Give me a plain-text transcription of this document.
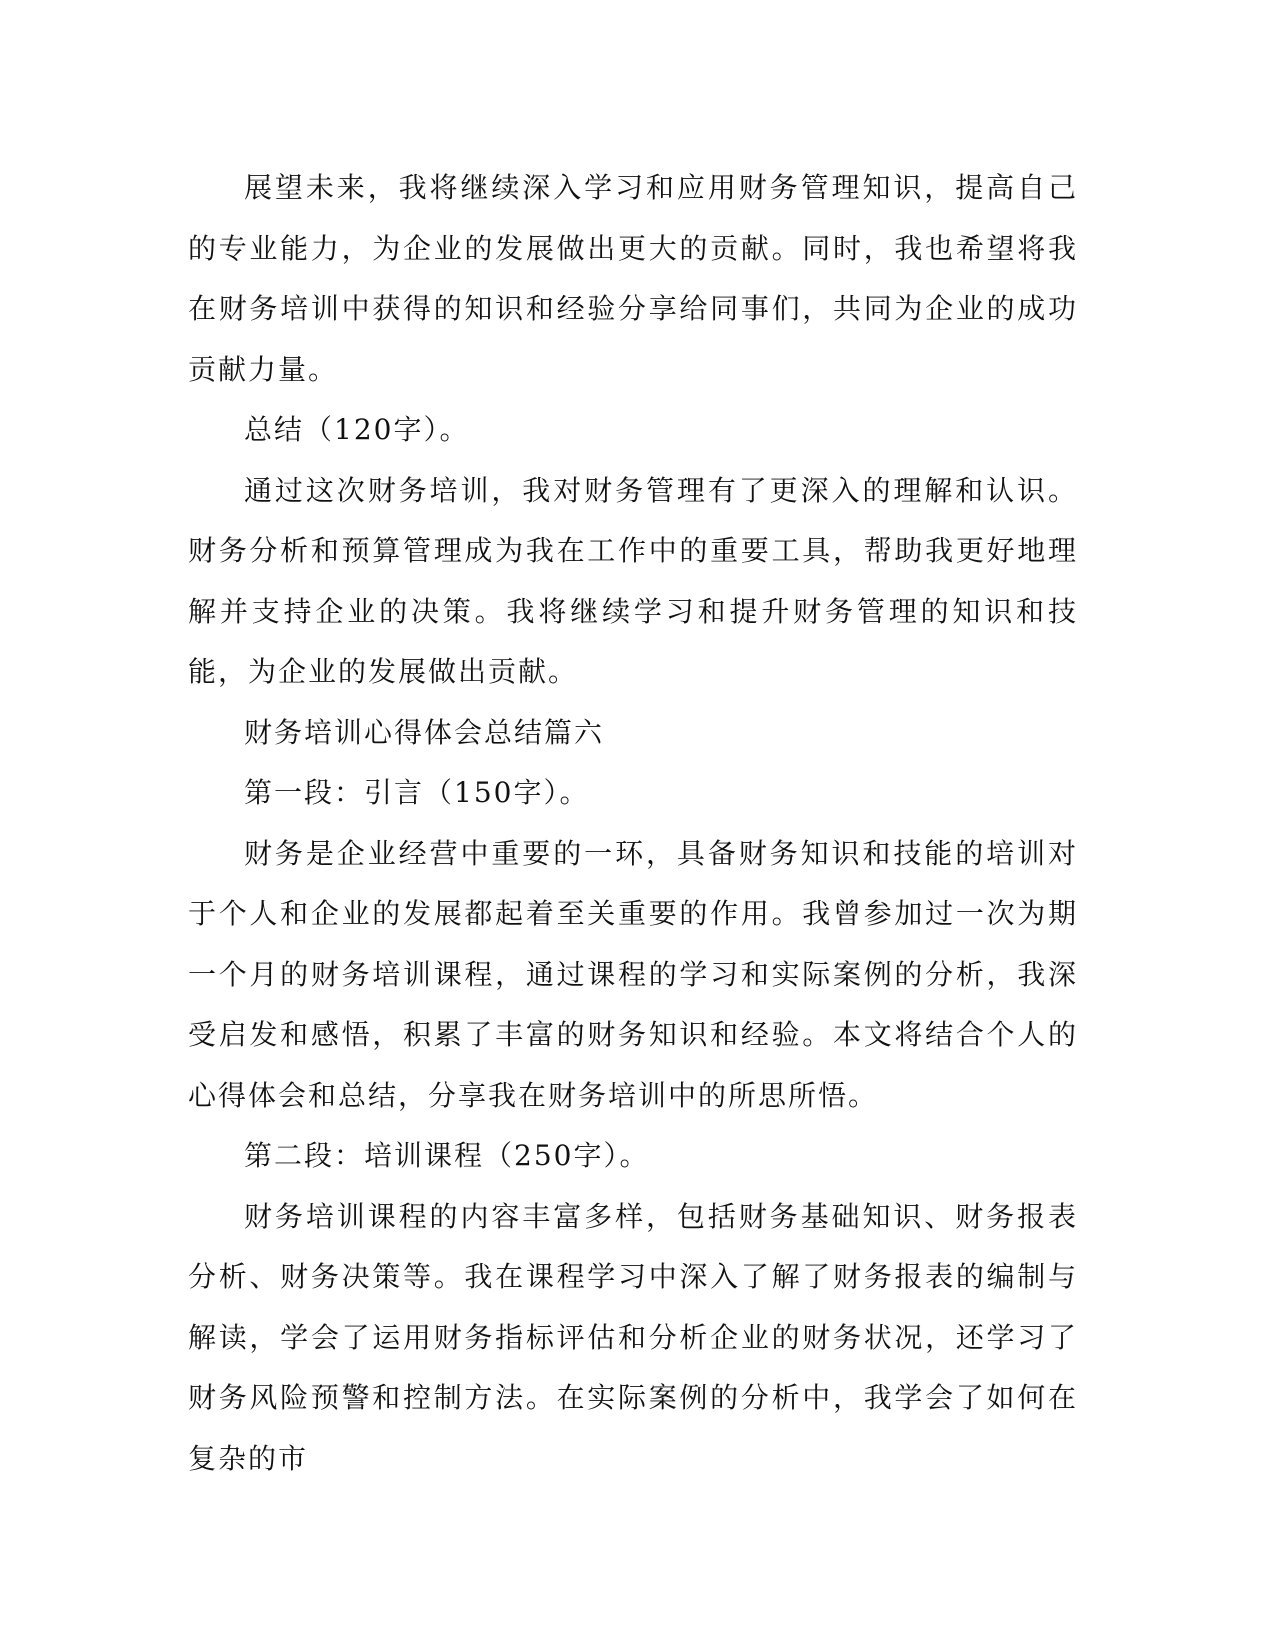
展望未来，我将继续深入学习和应用财务管理知识，提高自己的专业能力，为企业的发展做出更大的贡献。同时，我也希望将我在财务培训中获得的知识和经验分享给同事们，共同为企业的成功贡献力量。

总结（120字）。

通过这次财务培训，我对财务管理有了更深入的理解和认识。财务分析和预算管理成为我在工作中的重要工具，帮助我更好地理解并支持企业的决策。我将继续学习和提升财务管理的知识和技能，为企业的发展做出贡献。

财务培训心得体会总结篇六

第一段：引言（150字）。

财务是企业经营中重要的一环，具备财务知识和技能的培训对于个人和企业的发展都起着至关重要的作用。我曾参加过一次为期一个月的财务培训课程，通过课程的学习和实际案例的分析，我深受启发和感悟，积累了丰富的财务知识和经验。本文将结合个人的心得体会和总结，分享我在财务培训中的所思所悟。

第二段：培训课程（250字）。

财务培训课程的内容丰富多样，包括财务基础知识、财务报表分析、财务决策等。我在课程学习中深入了解了财务报表的编制与解读，学会了运用财务指标评估和分析企业的财务状况，还学习了财务风险预警和控制方法。在实际案例的分析中，我学会了如何在复杂的市
